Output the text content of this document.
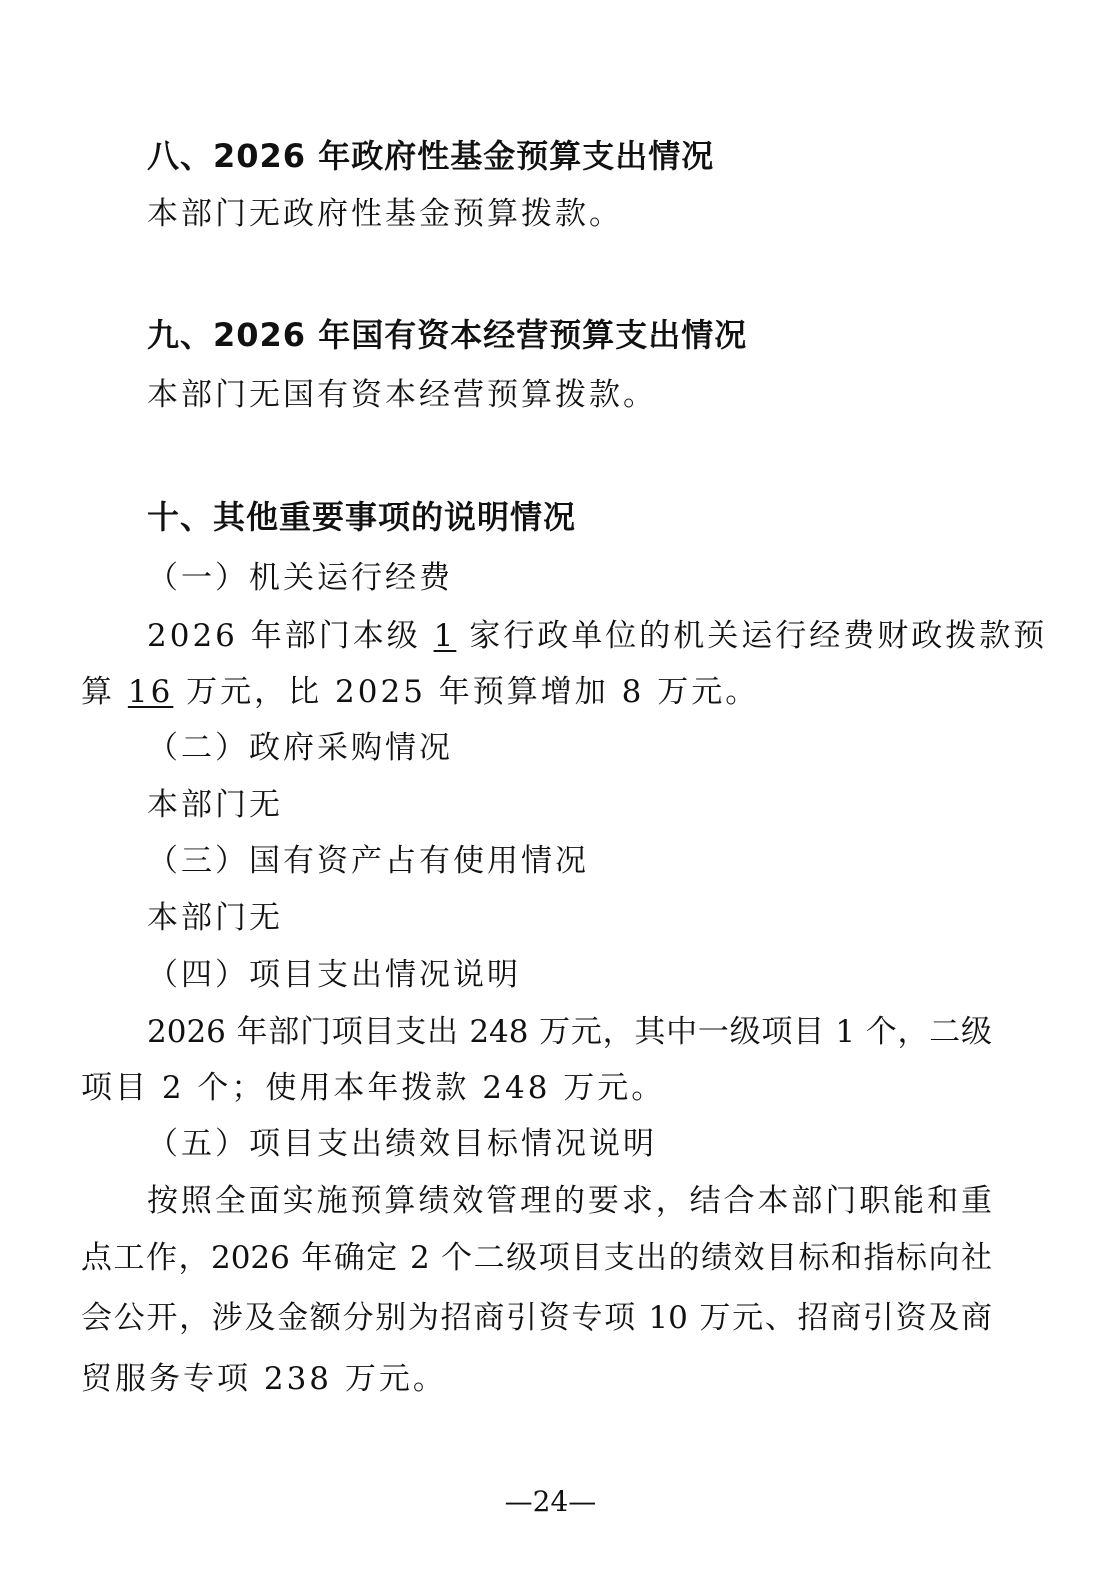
八、2026 年政府性基金预算支出情况
本部门无政府性基金预算拨款。
九、2026 年国有资本经营预算支出情况
本部门无国有资本经营预算拨款。
十、其他重要事项的说明情况
（一）机关运行经费
2026 年部门本级 1 家行政单位的机关运行经费财政拨款预
算 16 万元，比 2025 年预算增加 8 万元。
（二）政府采购情况
本部门无
（三）国有资产占有使用情况
本部门无
（四）项目支出情况说明
2026 年部门项目支出 248 万元，其中一级项目 1 个，二级
项目 2 个；使用本年拨款 248 万元。
（五）项目支出绩效目标情况说明
按照全面实施预算绩效管理的要求，结合本部门职能和重
点工作，2026 年确定 2 个二级项目支出的绩效目标和指标向社
会公开，涉及金额分别为招商引资专项 10 万元、招商引资及商
贸服务专项 238 万元。
—24—
